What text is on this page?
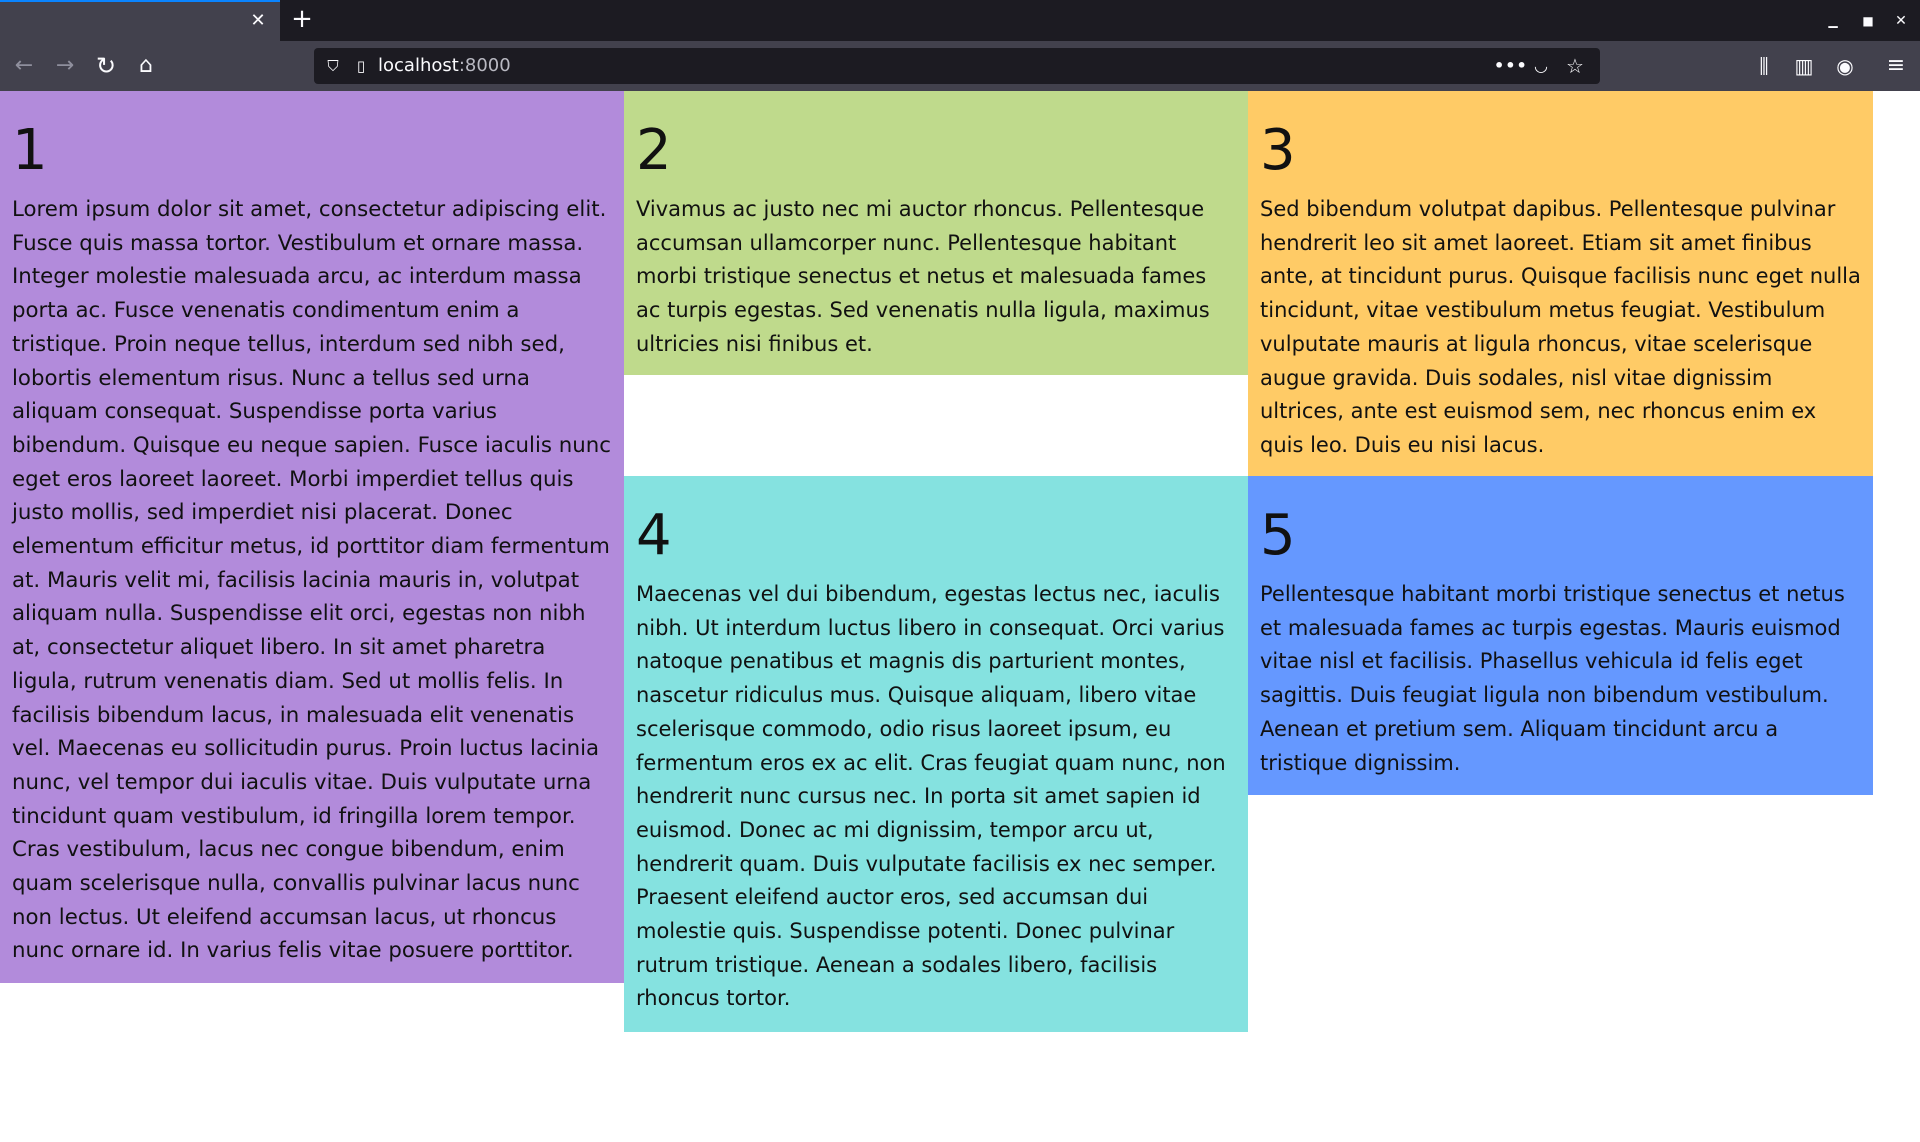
✕ +	▁	■	✕
← → ↻	⌂	⛉	▯ localhost:8000	••• ◡ ☆	⫼	▥	◉ ≡
1

Lorem ipsum dolor sit amet, consectetur adipiscing elit. Fusce quis massa tortor. Vestibulum et ornare massa. Integer molestie malesuada arcu, ac interdum massa porta ac. Fusce venenatis condimentum enim a tristique. Proin neque tellus, interdum sed nibh sed, lobortis elementum risus. Nunc a tellus sed urna aliquam consequat. Suspendisse porta varius bibendum. Quisque eu neque sapien. Fusce iaculis nunc eget eros laoreet laoreet. Morbi imperdiet tellus quis justo mollis, sed imperdiet nisi placerat. Donec elementum efficitur metus, id porttitor diam fermentum at. Mauris velit mi, facilisis lacinia mauris in, volutpat aliquam nulla. Suspendisse elit orci, egestas non nibh at, consectetur aliquet libero. In sit amet pharetra ligula, rutrum venenatis diam. Sed ut mollis felis. In facilisis bibendum lacus, in malesuada elit venenatis vel. Maecenas eu sollicitudin purus. Proin luctus lacinia nunc, vel tempor dui iaculis vitae. Duis vulputate urna tincidunt quam vestibulum, id fringilla lorem tempor. Cras vestibulum, lacus nec congue bibendum, enim quam scelerisque nulla, convallis pulvinar lacus nunc non lectus. Ut eleifend accumsan lacus, ut rhoncus nunc ornare id. In varius felis vitae posuere porttitor.

2

Vivamus ac justo nec mi auctor rhoncus. Pellentesque accumsan ullamcorper nunc. Pellentesque habitant morbi tristique senectus et netus et malesuada fames ac turpis egestas. Sed venenatis nulla ligula, maximus ultricies nisi finibus et.

3

Sed bibendum volutpat dapibus. Pellentesque pulvinar hendrerit leo sit amet laoreet. Etiam sit amet finibus ante, at tincidunt purus. Quisque facilisis nunc eget nulla tincidunt, vitae vestibulum metus feugiat. Vestibulum vulputate mauris at ligula rhoncus, vitae scelerisque augue gravida. Duis sodales, nisl vitae dignissim ultrices, ante est euismod sem, nec rhoncus enim ex quis leo. Duis eu nisi lacus.

4

Maecenas vel dui bibendum, egestas lectus nec, iaculis nibh. Ut interdum luctus libero in consequat. Orci varius natoque penatibus et magnis dis parturient montes, nascetur ridiculus mus. Quisque aliquam, libero vitae scelerisque commodo, odio risus laoreet ipsum, eu fermentum eros ex ac elit. Cras feugiat quam nunc, non hendrerit nunc cursus nec. In porta sit amet sapien id euismod. Donec ac mi dignissim, tempor arcu ut, hendrerit quam. Duis vulputate facilisis ex nec semper. Praesent eleifend auctor eros, sed accumsan dui molestie quis. Suspendisse potenti. Donec pulvinar rutrum tristique. Aenean a sodales libero, facilisis rhoncus tortor.

5

Pellentesque habitant morbi tristique senectus et netus et malesuada fames ac turpis egestas. Mauris euismod vitae nisl et facilisis. Phasellus vehicula id felis eget sagittis. Duis feugiat ligula non bibendum vestibulum. Aenean et pretium sem. Aliquam tincidunt arcu a tristique dignissim.
